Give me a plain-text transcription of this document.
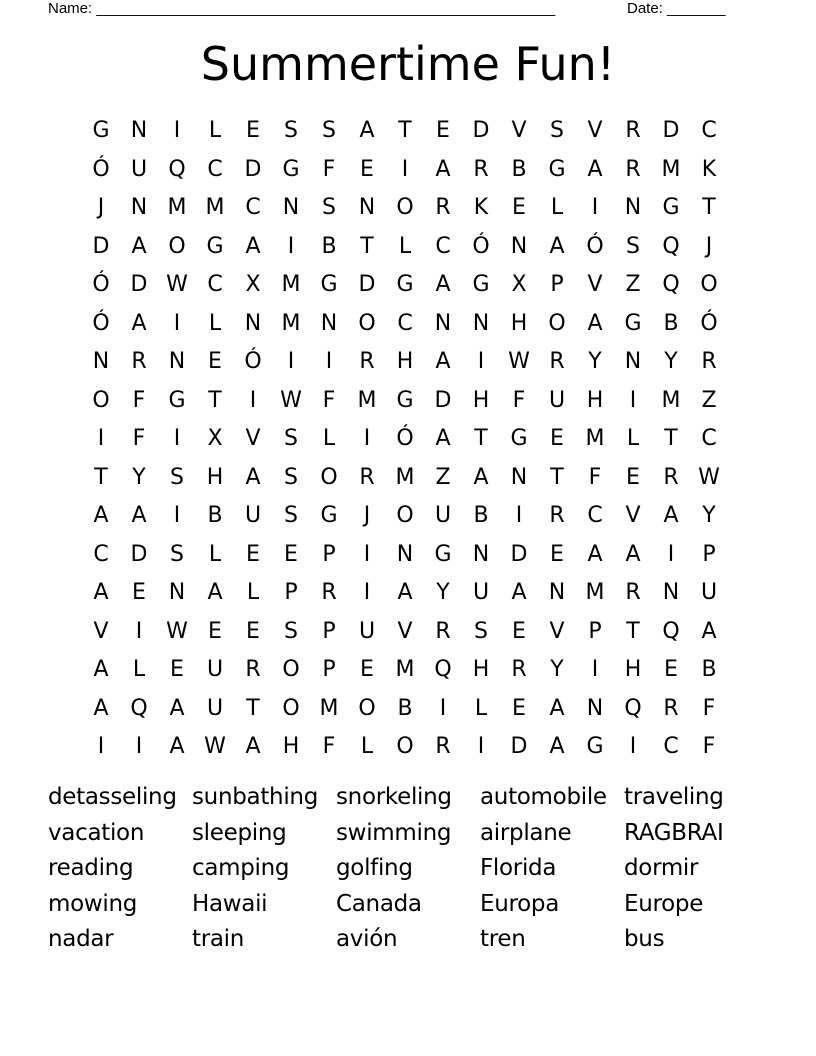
Name: _______________________________________________________	Date: _______
Summertime Fun!
G N	I	L	E	S	S	A	T	E	D	V	S	V	R D C
Ó U Q C D G	F	E	I	A	R	B G A	R M K
J	N M M C	N	S	N O R	K	E	L	I	N G	T
D	A O G A	I	B	T	L	C Ó N	A Ó	S	Q	J
Ó D W C	X M G D G A G X	P	V	Z Q O
Ó A	I	L	N M N O C	N N H O A G B Ó
N	R	N	E	Ó	I	I	R	H	A	I	W R	Y	N	Y	R
O	F	G	T	I	W F	M G D H	F	U H	I	M Z
I	F	I	X	V	S	L	I	Ó A	T	G	E M	L	T	C
T	Y	S	H	A	S	O R M Z	A	N	T	F	E	R W
A	A	I	B	U	S	G	J	O U	B	I	R	C	V	A	Y
C D	S	L	E	E	P	I	N G N D	E	A	A	I	P
A	E	N	A	L	P	R	I	A	Y	U	A	N M R	N U
V	I	W E	E	S	P	U	V	R	S	E	V	P	T	Q A
A	L	E	U	R O	P	E M Q H	R	Y	I	H	E	B
A Q A	U	T	O M O B	I	L	E	A	N Q R	F
I	I	A W A	H	F	L	O R	I	D	A G	I	C	F
detasseling sunbathing snorkeling	automobile traveling
vacation	sleeping	swimming	airplane	RAGBRAI
reading	camping	golfing	Florida	dormir
mowing	Hawaii	Canada	Europa	Europe
nadar	train	avión	tren	bus
